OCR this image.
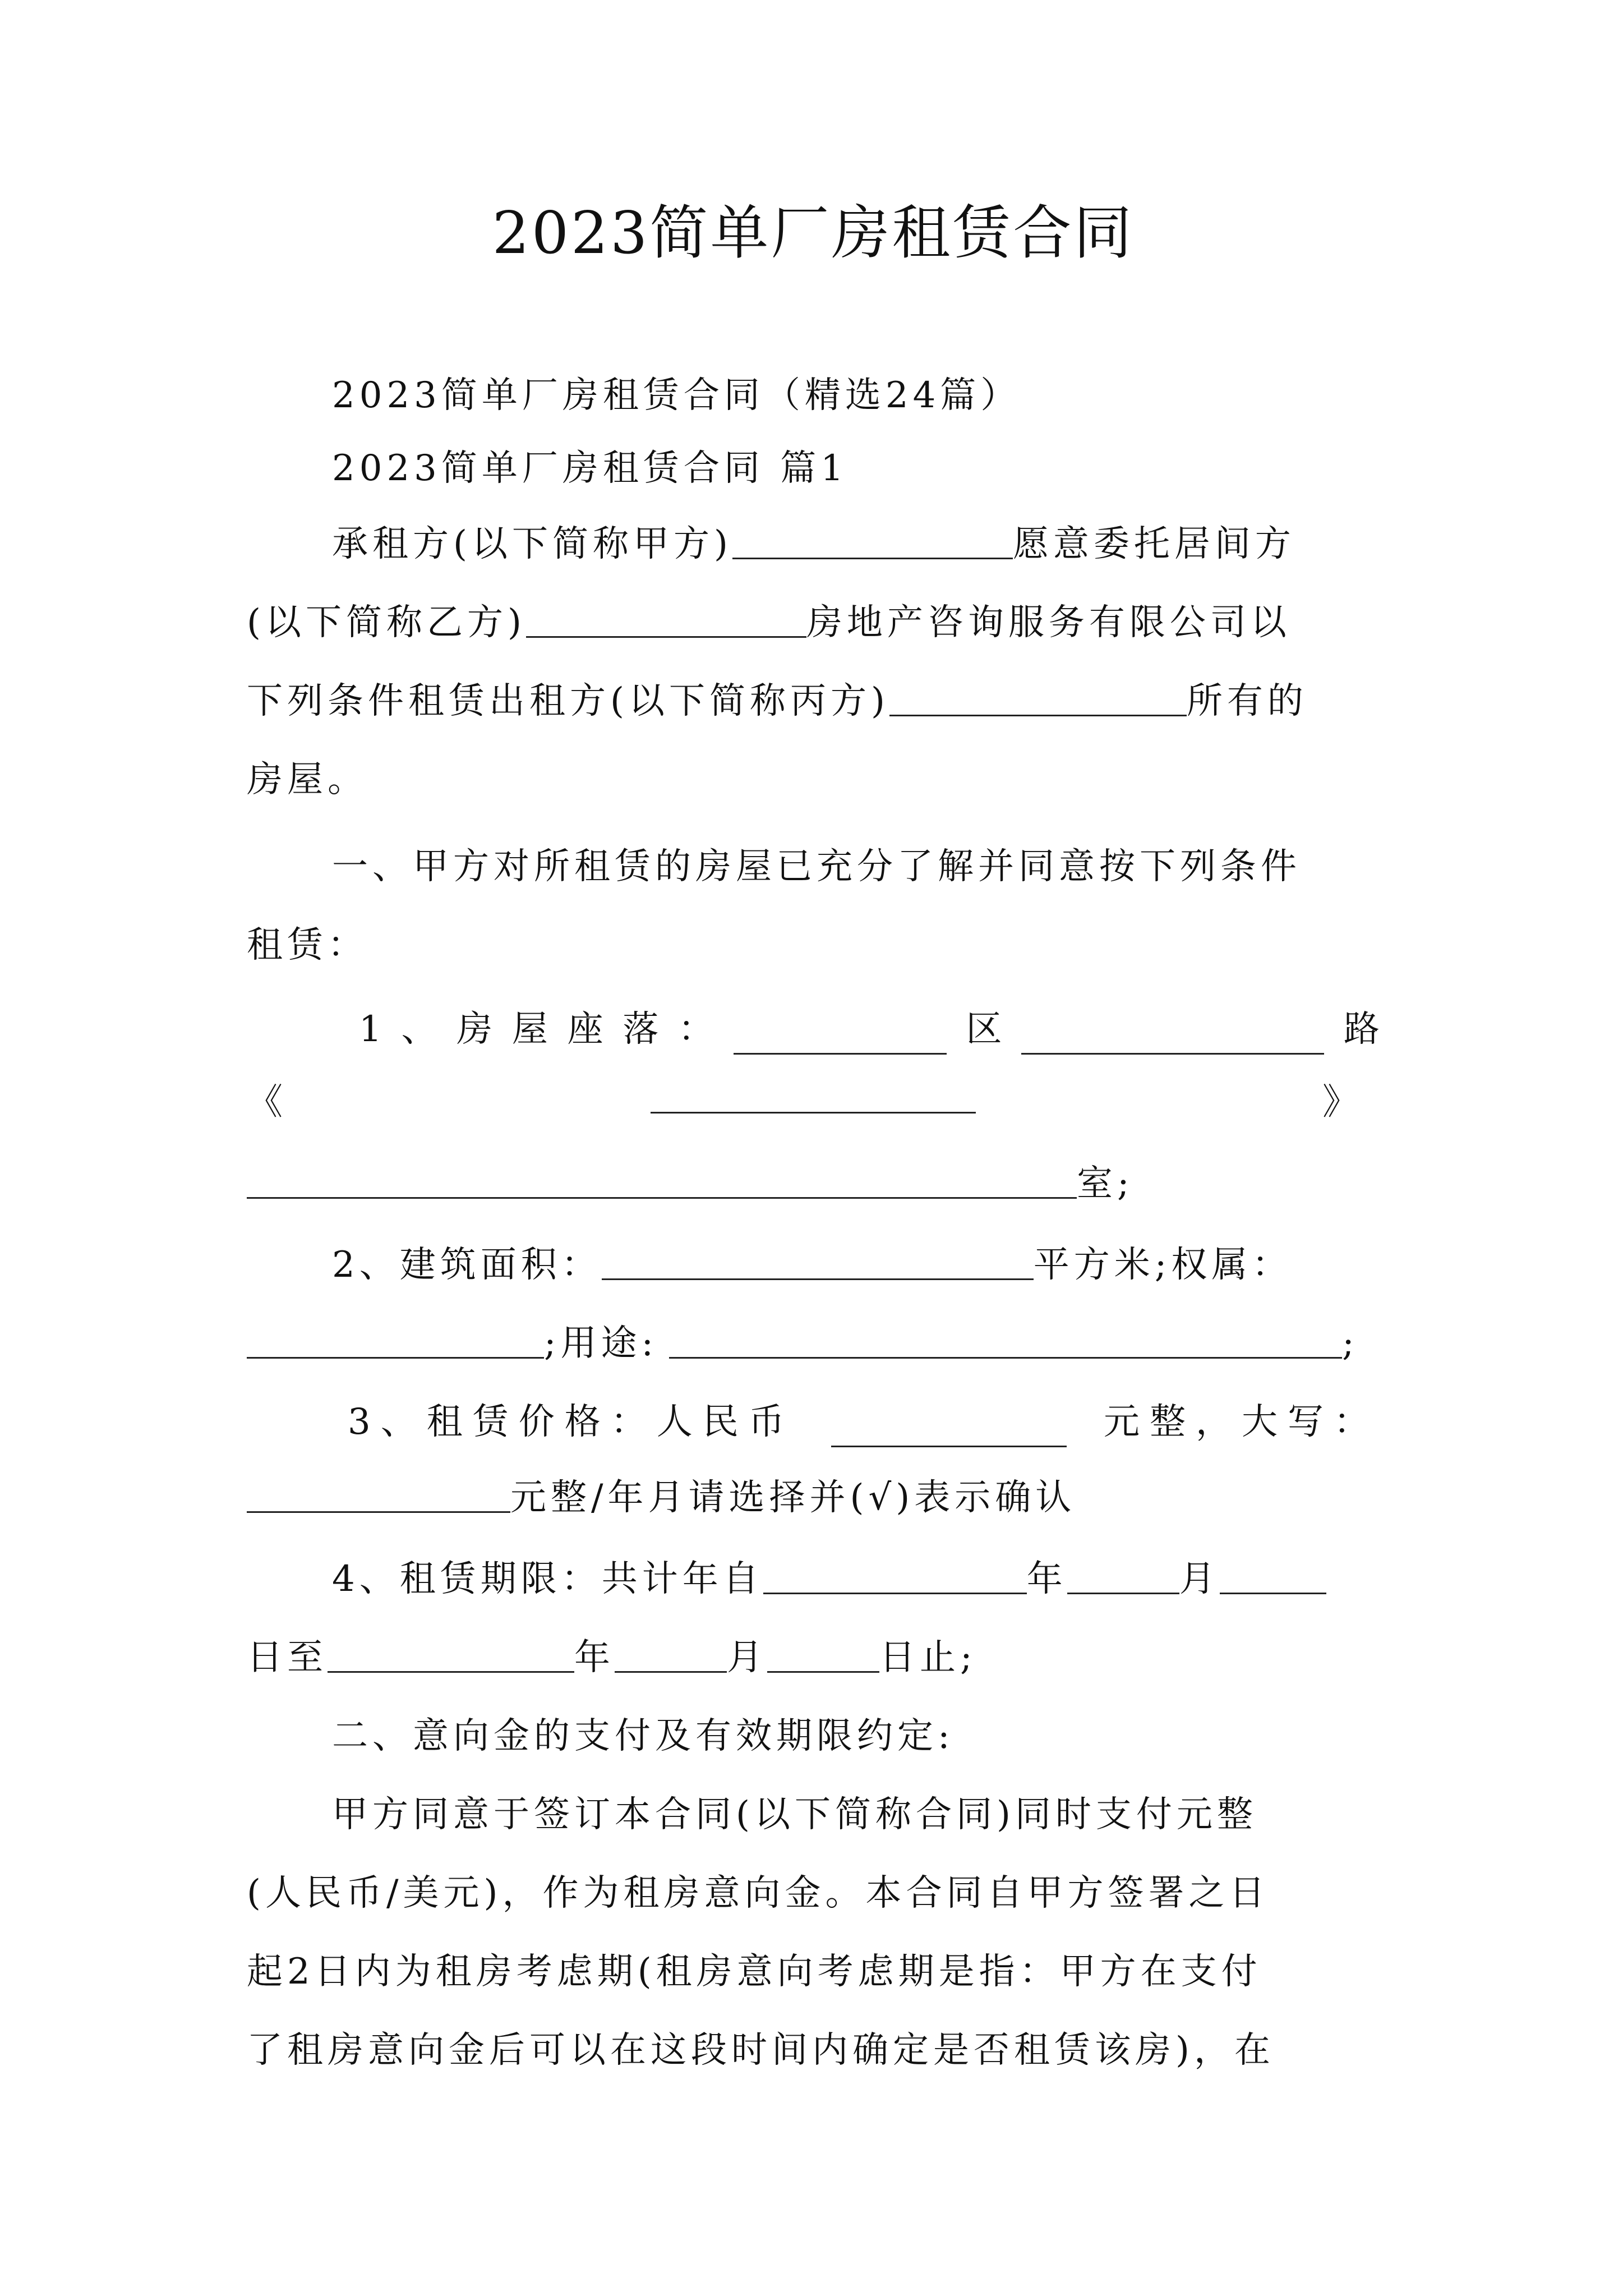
2023简单厂房租赁合同
2023简单厂房租赁合同（精选24篇）
2023简单厂房租赁合同 篇1
承租方(以下简称甲方)	愿意委托居间方
(以下简称乙方)	房地产咨询服务有限公司以
下列条件租赁出租方(以下简称丙方)	所有的
房屋。
一、甲方对所租赁的房屋已充分了解并同意按下列条件
租赁：
1 、 房 屋 座 落 ：	区	路
《	》
室;
2、建筑面积：	平方米;权属：
;用途:	;
3、租赁价格：人民币	元整，大写：
元整/年月请选择并(√)表示确认
4、租赁期限：共计年自	年	月
日至	年	月	日止;
二、意向金的支付及有效期限约定:
甲方同意于签订本合同(以下简称合同)同时支付元整
(人民币/美元)，作为租房意向金。本合同自甲方签署之日
起2日内为租房考虑期(租房意向考虑期是指：甲方在支付
了租房意向金后可以在这段时间内确定是否租赁该房)，在
